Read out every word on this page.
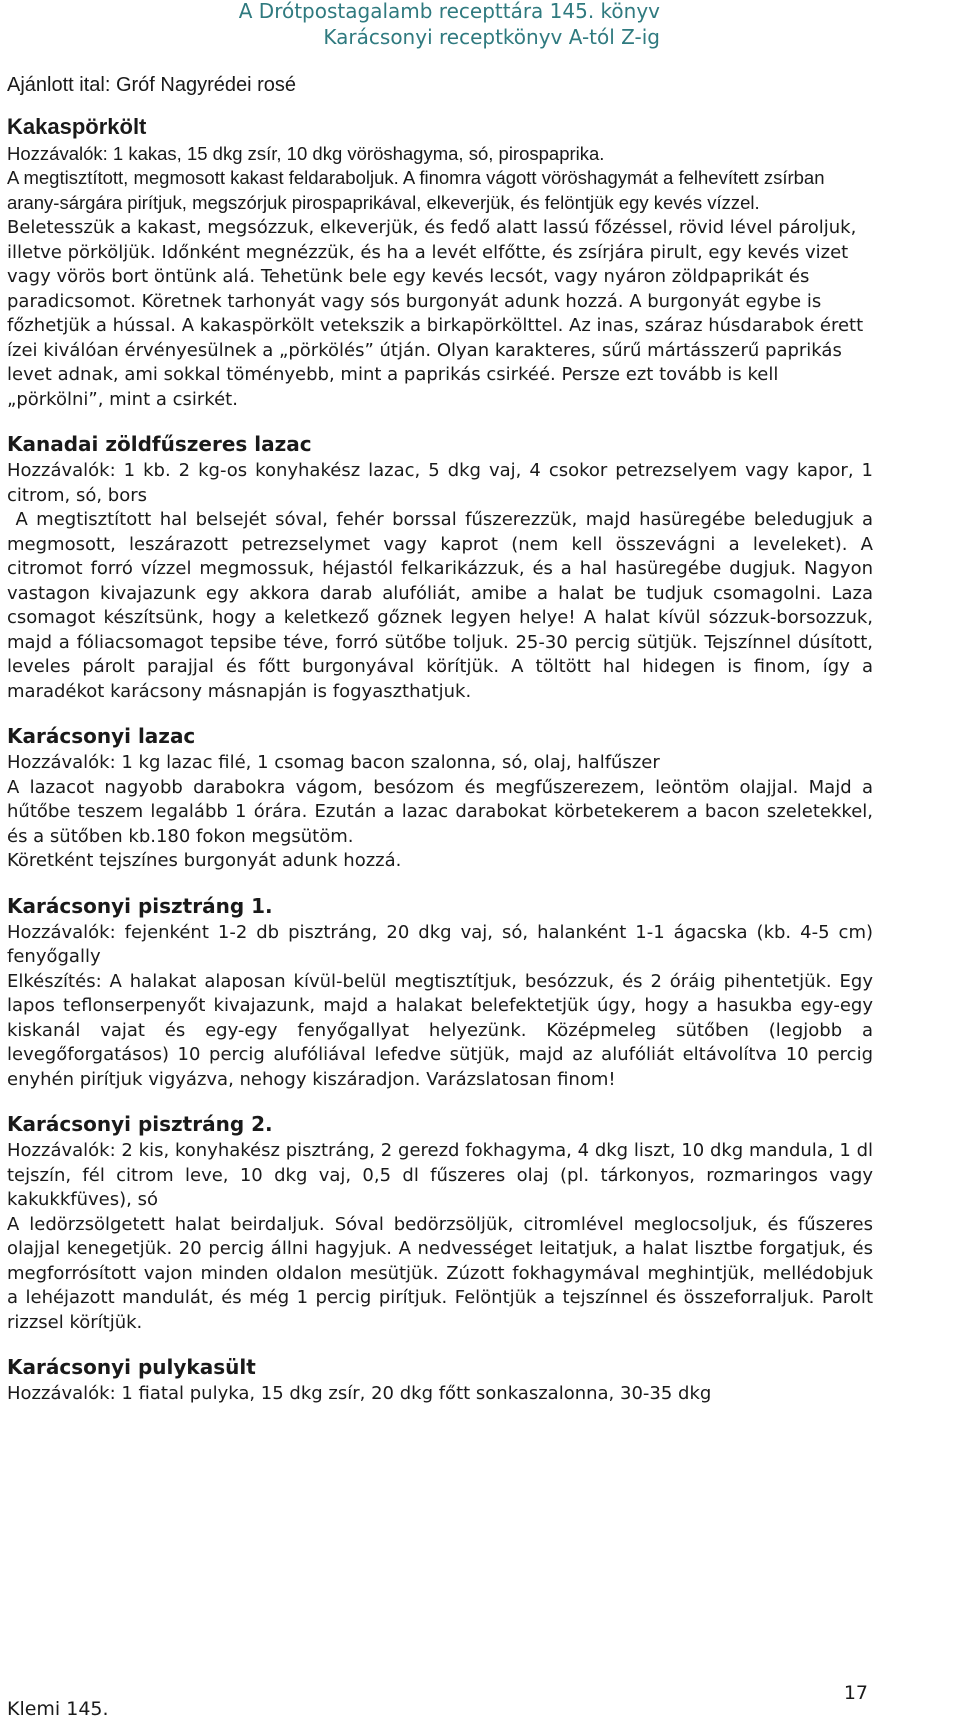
A Drótpostagalamb recepttára 145. könyv
Karácsonyi receptkönyv A-tól Z-ig

Ajánlott ital: Gróf Nagyrédei rosé

Kakaspörkölt

Hozzávalók: 1 kakas, 15 dkg zsír, 10 dkg vöröshagyma, só, pirospaprika.

A megtisztított, megmosott kakast feldaraboljuk. A finomra vágott vöröshagymát a felhevített zsírban arany-sárgára pirítjuk, megszórjuk pirospaprikával, elkeverjük, és felöntjük egy kevés vízzel.

Beletesszük a kakast, megsózzuk, elkeverjük, és fedő alatt lassú főzéssel, rövid lével pároljuk, illetve pörköljük. Időnként megnézzük, és ha a levét elfőtte, és zsírjára pirult, egy kevés vizet vagy vörös bort öntünk alá. Tehetünk bele egy kevés lecsót, vagy nyáron zöldpaprikát és paradicsomot. Köretnek tarhonyát vagy sós burgonyát adunk hozzá. A burgonyát egybe is főzhetjük a hússal. A kakaspörkölt vetekszik a birkapörkölttel. Az inas, száraz húsdarabok érett ízei kiválóan érvényesülnek a „pörkölés” útján. Olyan karakteres, sűrű mártásszerű paprikás levet adnak, ami sokkal töményebb, mint a paprikás csirkéé. Persze ezt tovább is kell „pörkölni”, mint a csirkét.

Kanadai zöldfűszeres lazac

Hozzávalók: 1 kb. 2 kg-os konyhakész lazac, 5 dkg vaj, 4 csokor petrezselyem vagy kapor, 1 citrom, só, bors

A megtisztított hal belsejét sóval, fehér borssal fűszerezzük, majd hasüregébe beledugjuk a megmosott, leszárazott petrezselymet vagy kaprot (nem kell összevágni a leveleket). A citromot forró vízzel megmossuk, héjastól felkarikázzuk, és a hal hasüregébe dugjuk. Nagyon vastagon kivajazunk egy akkora darab alufóliát, amibe a halat be tudjuk csomagolni. Laza csomagot készítsünk, hogy a keletkező gőznek legyen helye! A halat kívül sózzuk-borsozzuk, majd a fóliacsomagot tepsibe téve, forró sütőbe toljuk. 25-30 percig sütjük. Tejszínnel dúsított, leveles párolt parajjal és főtt burgonyával körítjük. A töltött hal hidegen is finom, így a maradékot karácsony másnapján is fogyaszthatjuk.

Karácsonyi lazac

Hozzávalók: 1 kg lazac filé, 1 csomag bacon szalonna, só, olaj, halfűszer

A lazacot nagyobb darabokra vágom, besózom és megfűszerezem, leöntöm olajjal. Majd a hűtőbe teszem legalább 1 órára. Ezután a lazac darabokat körbetekerem a bacon szeletekkel, és a sütőben kb.180 fokon megsütöm.

Köretként tejszínes burgonyát adunk hozzá.

Karácsonyi pisztráng 1.

Hozzávalók: fejenként 1-2 db pisztráng, 20 dkg vaj, só, halanként 1-1 ágacska (kb. 4-5 cm) fenyőgally

Elkészítés: A halakat alaposan kívül-belül megtisztítjuk, besózzuk, és 2 óráig pihentetjük. Egy lapos teflonserpenyőt kivajazunk, majd a halakat belefektetjük úgy, hogy a hasukba egy-egy kiskanál vajat és egy-egy fenyőgallyat helyezünk. Középmeleg sütőben (legjobb a levegőforgatásos) 10 percig alufóliával lefedve sütjük, majd az alufóliát eltávolítva 10 percig enyhén pirítjuk vigyázva, nehogy kiszáradjon. Varázslatosan finom!

Karácsonyi pisztráng 2.

Hozzávalók: 2 kis, konyhakész pisztráng, 2 gerezd fokhagyma, 4 dkg liszt, 10 dkg mandula, 1 dl tejszín, fél citrom leve, 10 dkg vaj, 0,5 dl fűszeres olaj (pl. tárkonyos, rozmaringos vagy kakukkfüves), só

A ledörzsölgetett halat beirdaljuk. Sóval bedörzsöljük, citromlével meglocsoljuk, és fűszeres olajjal kenegetjük. 20 percig állni hagyjuk. A nedvességet leitatjuk, a halat lisztbe forgatjuk, és megforrósított vajon minden oldalon mesütjük. Zúzott fokhagymával meghintjük, mellédobjuk a lehéjazott mandulát, és még 1 percig pirítjuk. Felöntjük a tejszínnel és összeforraljuk. Parolt rizzsel körítjük.

Karácsonyi pulykasült

Hozzávalók: 1 fiatal pulyka, 15 dkg zsír, 20 dkg főtt sonkaszalonna, 30-35 dkg

17
Klemi 145.
